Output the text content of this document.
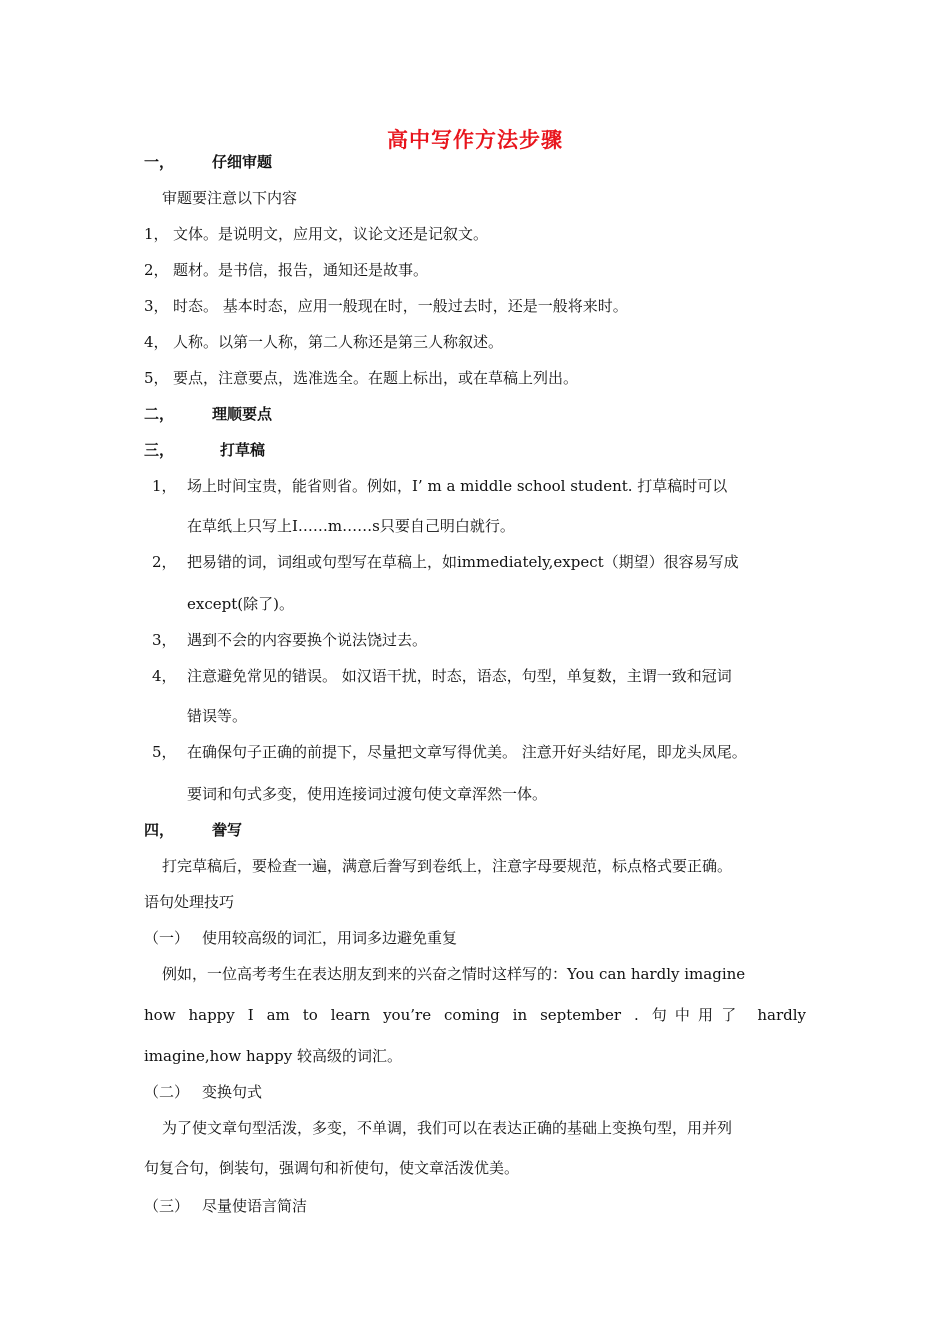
高中写作方法步骤
一，	仔细审题
审题要注意以下内容
1， 文体。是说明文，应用文，议论文还是记叙文。
2， 题材。是书信，报告，通知还是故事。
3， 时态。 基本时态，应用一般现在时，一般过去时，还是一般将来时。
4， 人称。以第一人称，第二人称还是第三人称叙述。
5， 要点，注意要点，选准选全。在题上标出，或在草稿上列出。
二，	理顺要点
三，	打草稿
1， 场上时间宝贵，能省则省。例如，I’ m a middle school student. 打草稿时可以
在草纸上只写上I……m……s只要自己明白就行。
2， 把易错的词，词组或句型写在草稿上，如immediately,expect（期望）很容易写成
except(除了)。
3， 遇到不会的内容要换个说法饶过去。
4， 注意避免常见的错误。 如汉语干扰，时态，语态，句型，单复数，主谓一致和冠词
错误等。
5， 在确保句子正确的前提下，尽量把文章写得优美。 注意开好头结好尾，即龙头凤尾。
要词和句式多变，使用连接词过渡句使文章浑然一体。
四，	誊写
打完草稿后，要检查一遍，满意后誊写到卷纸上，注意字母要规范，标点格式要正确。
语句处理技巧
（一） 使用较高级的词汇，用词多边避免重复
例如，一位高考考生在表达朋友到来的兴奋之情时这样写的：You can hardly imagine
how happy I am to learn you’re coming in september . 句中用了 hardly
imagine,how happy 较高级的词汇。
（二） 变换句式
为了使文章句型活泼，多变，不单调，我们可以在表达正确的基础上变换句型，用并列
句复合句，倒装句，强调句和祈使句，使文章活泼优美。
（三） 尽量使语言简洁
